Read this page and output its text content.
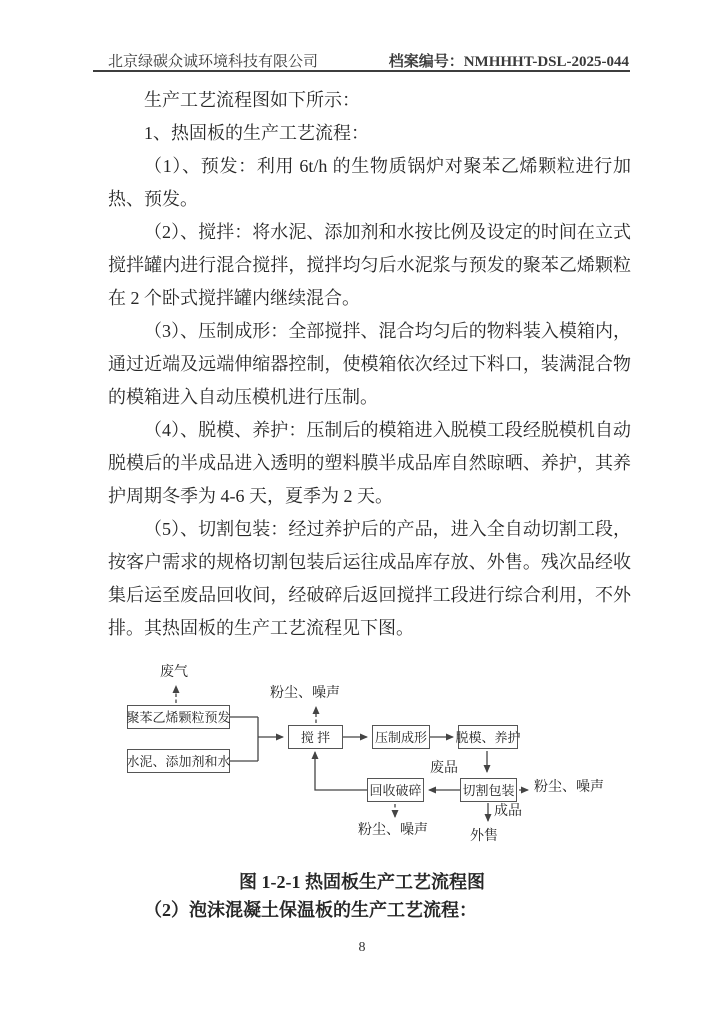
北京绿碳众诚环境科技有限公司	档案编号：NMHHHT-DSL-2025-044

生产工艺流程图如下所示：

1、热固板的生产工艺流程：

（1）、预发：利用 6t/h 的生物质锅炉对聚苯乙烯颗粒进行加热、预发。

（2）、搅拌：将水泥、添加剂和水按比例及设定的时间在立式搅拌罐内进行混合搅拌，搅拌均匀后水泥浆与预发的聚苯乙烯颗粒在 2 个卧式搅拌罐内继续混合。

（3）、压制成形：全部搅拌、混合均匀后的物料装入模箱内，通过近端及远端伸缩器控制，使模箱依次经过下料口，装满混合物的模箱进入自动压模机进行压制。

（4）、脱模、养护：压制后的模箱进入脱模工段经脱模机自动脱模后的半成品进入透明的塑料膜半成品库自然晾晒、养护，其养护周期冬季为 4-6 天，夏季为 2 天。

（5）、切割包装：经过养护后的产品，进入全自动切割工段，按客户需求的规格切割包装后运往成品库存放、外售。残次品经收集后运至废品回收间，经破碎后返回搅拌工段进行综合利用，不外排。其热固板的生产工艺流程见下图。

聚苯乙烯颗粒预发
水泥、添加剂和水
搅 拌	压制成形 脱模、养护
切割包装
回收破碎
废气
粉尘、噪声
废品
粉尘、噪声
成品
外售
粉尘、噪声
图 1-2-1 热固板生产工艺流程图
（2）泡沫混凝土保温板的生产工艺流程：
8
